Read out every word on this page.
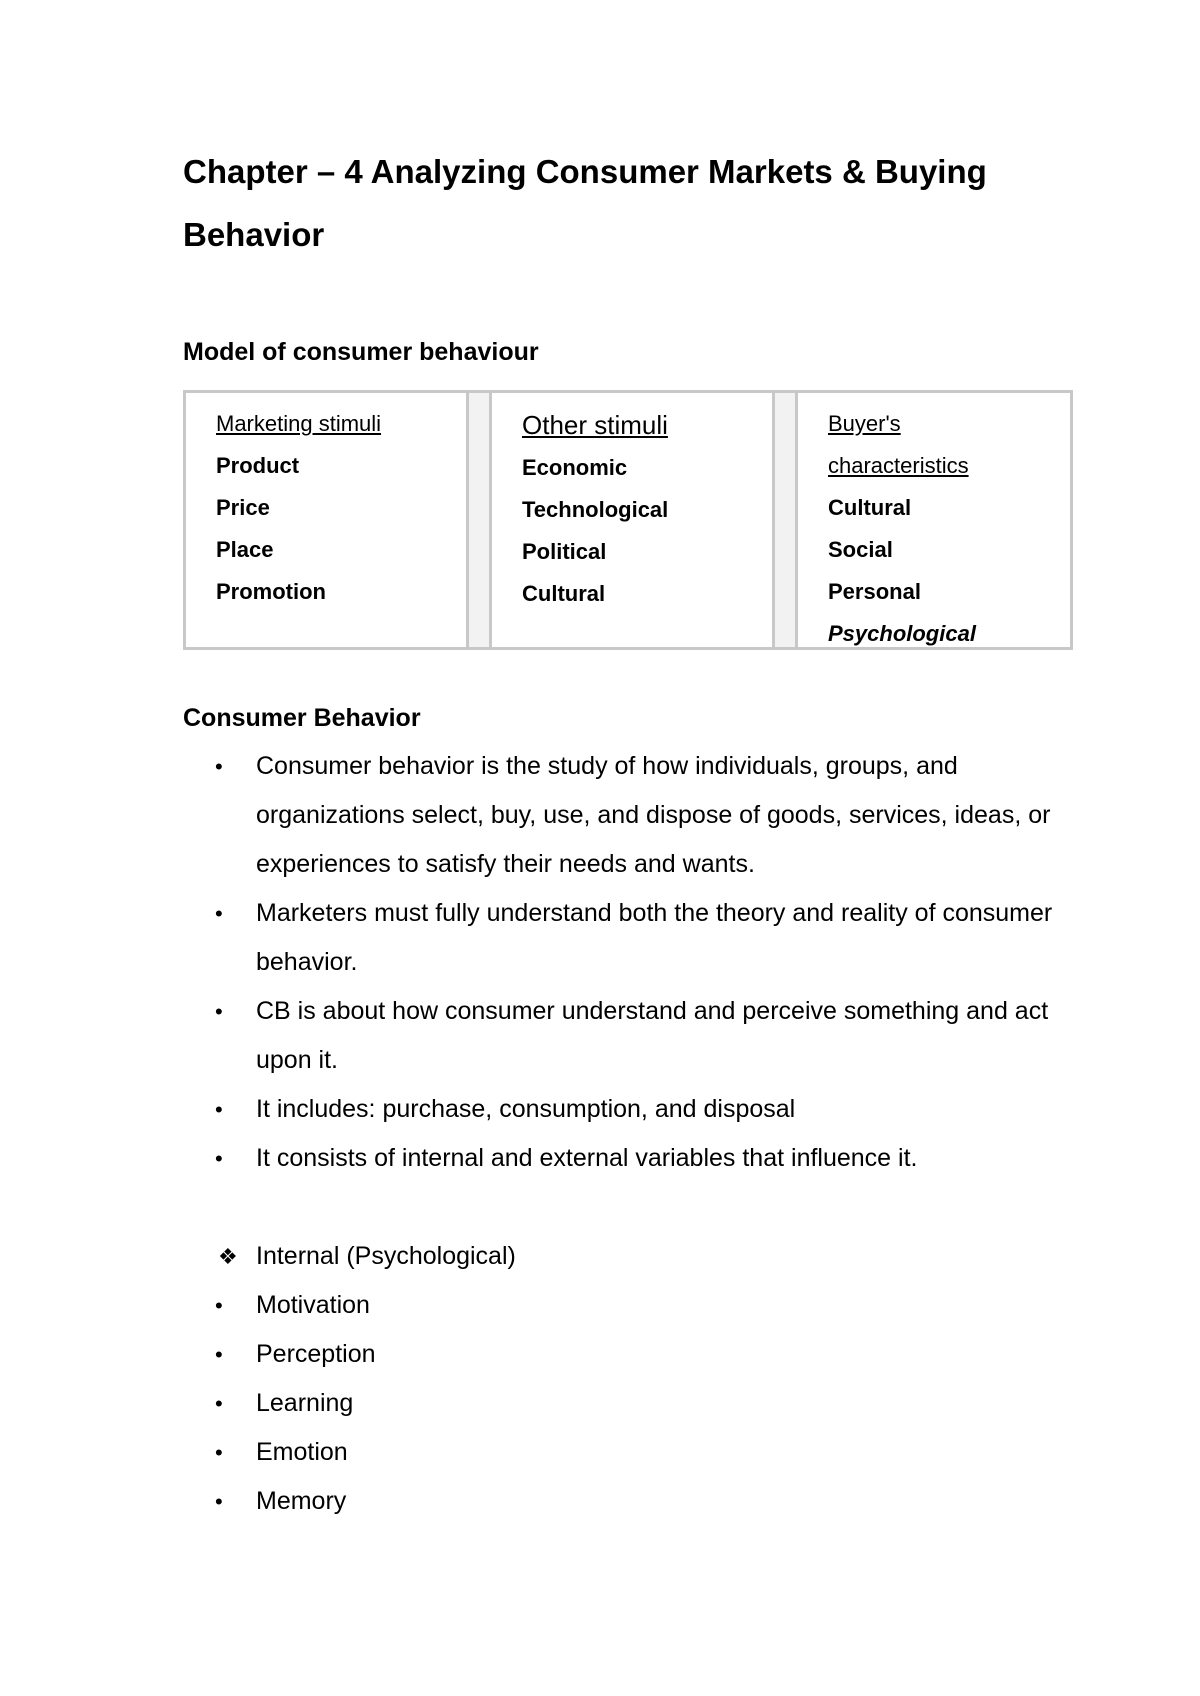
Chapter – 4 Analyzing Consumer Markets & Buying Behavior
Model of consumer behaviour
Marketing stimuli
Product
Price
Place
Promotion
Other stimuli
Economic
Technological
Political
Cultural
Buyer's
characteristics
Cultural
Social
Personal
Psychological
Consumer Behavior
• Consumer behavior is the study of how individuals, groups, and organizations select, buy, use, and dispose of goods, services, ideas, or experiences to satisfy their needs and wants.
• Marketers must fully understand both the theory and reality of consumer behavior.
• CB is about how consumer understand and perceive something and act upon it.
• It includes: purchase, consumption, and disposal
• It consists of internal and external variables that influence it.
❖ Internal (Psychological)
• Motivation
• Perception
• Learning
• Emotion
• Memory
